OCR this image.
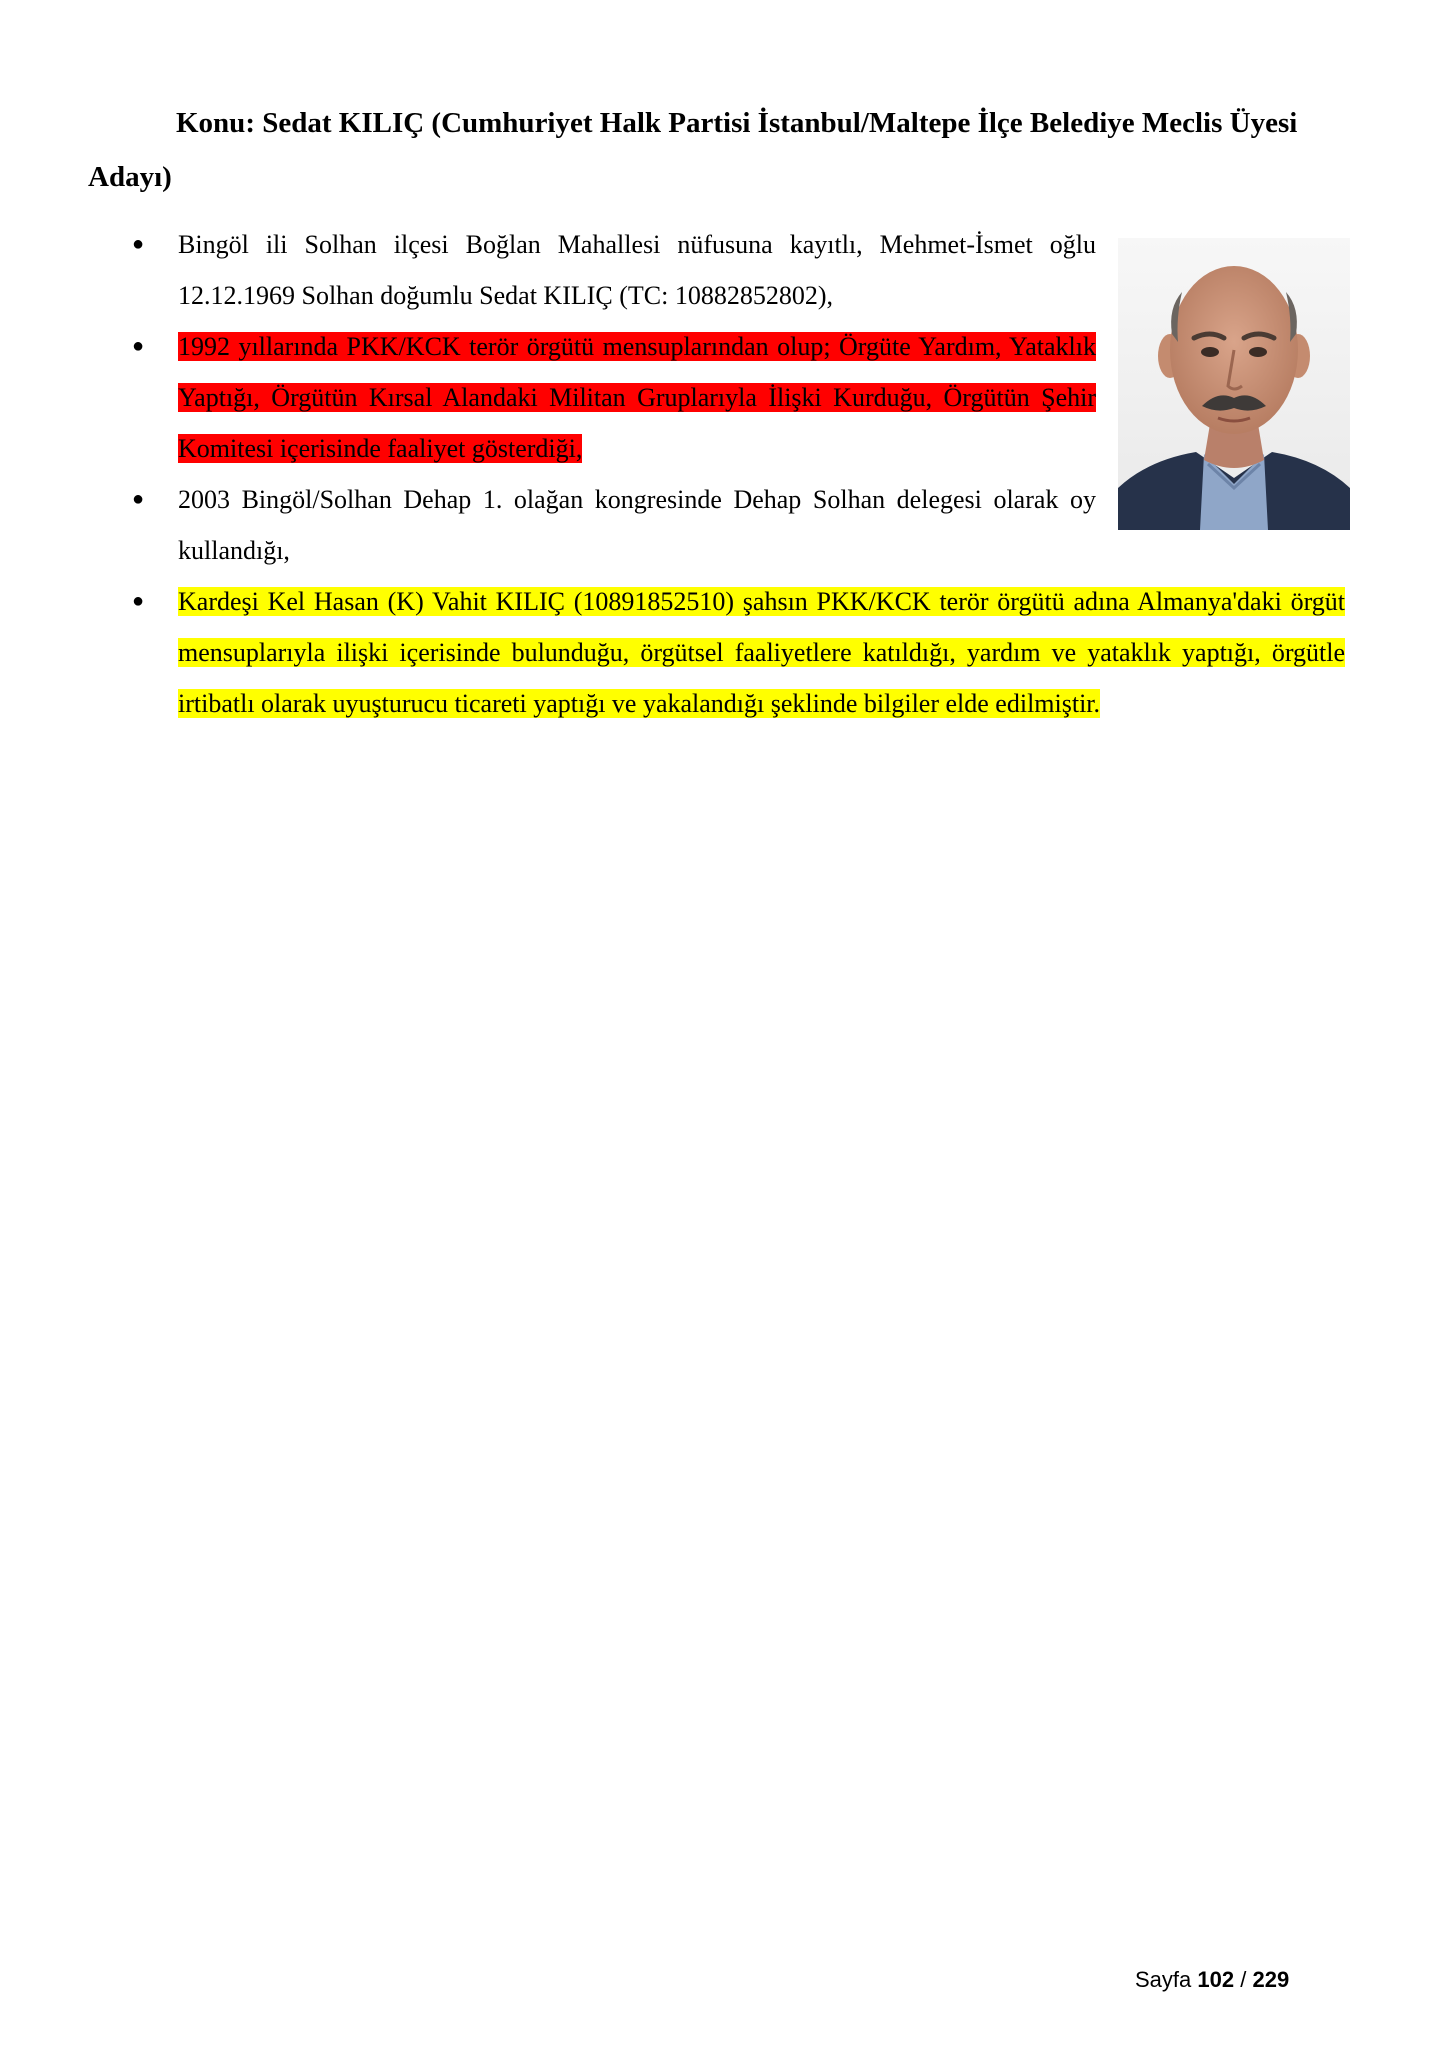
Konu: Sedat KILIÇ (Cumhuriyet Halk Partisi İstanbul/Maltepe İlçe Belediye Meclis Üyesi Adayı)

● Bingöl ili Solhan ilçesi Boğlan Mahallesi nüfusuna kayıtlı, Mehmet-İsmet oğlu 12.12.1969 Solhan doğumlu Sedat KILIÇ (TC: 10882852802),
● 1992 yıllarında PKK/KCK terör örgütü mensuplarından olup; Örgüte Yardım, Yataklık Yaptığı, Örgütün Kırsal Alandaki Militan Gruplarıyla İlişki Kurduğu, Örgütün Şehir Komitesi içerisinde faaliyet gösterdiği,
● 2003 Bingöl/Solhan Dehap 1. olağan kongresinde Dehap Solhan delegesi olarak oy kullandığı,
● Kardeşi Kel Hasan (K) Vahit KILIÇ (10891852510) şahsın PKK/KCK terör örgütü adına Almanya'daki örgüt mensuplarıyla ilişki içerisinde bulunduğu, örgütsel faaliyetlere katıldığı, yardım ve yataklık yaptığı, örgütle irtibatlı olarak uyuşturucu ticareti yaptığı ve yakalandığı şeklinde bilgiler elde edilmiştir.
Sayfa 102 / 229
